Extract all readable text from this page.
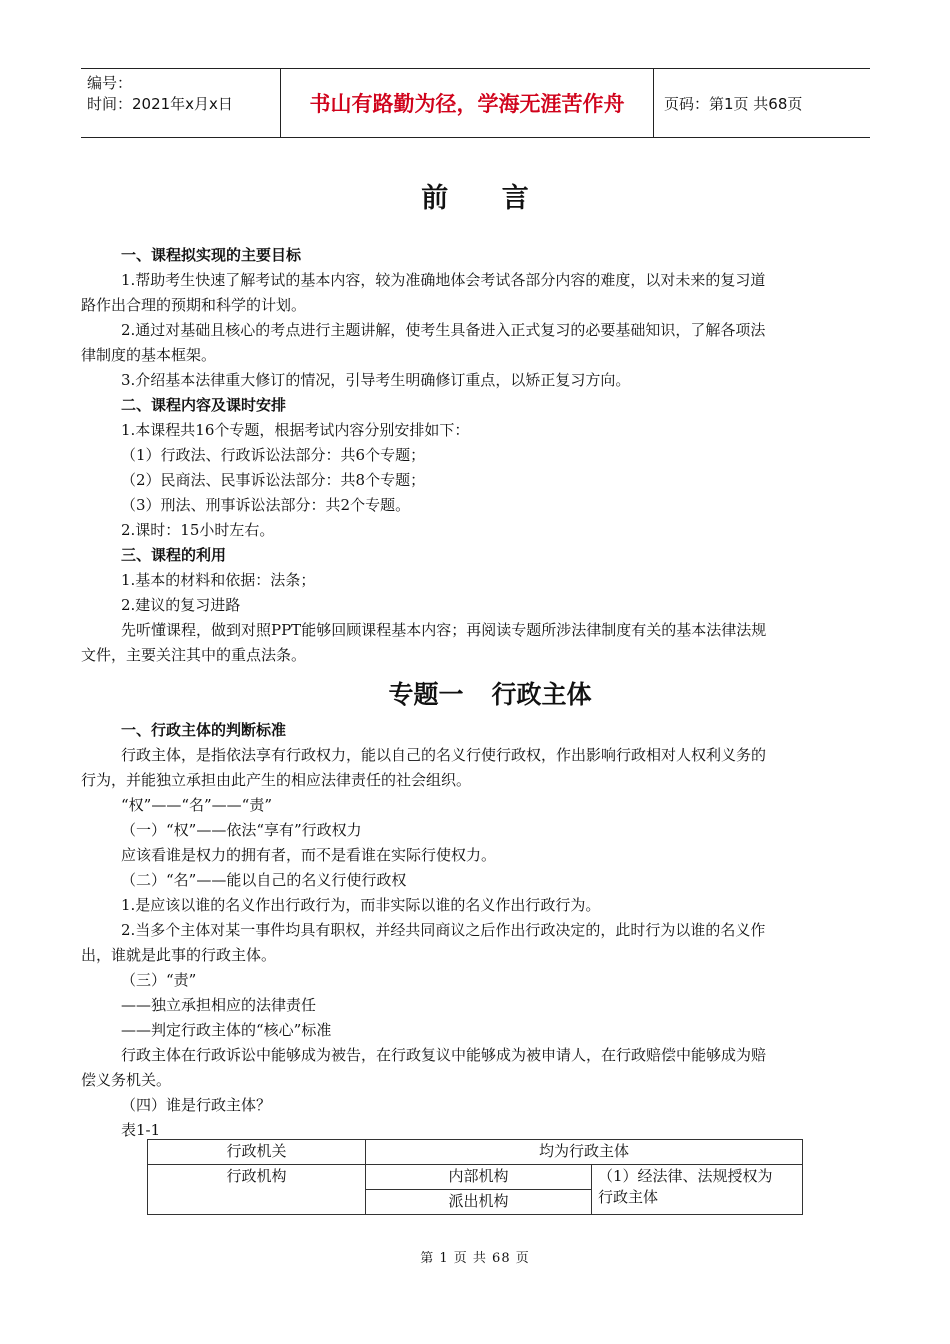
编号：
时间：2021年x月x日	书山有路勤为径，学海无涯苦作舟	页码：第1页 共68页
前 言

一、课程拟实现的主要目标

1.帮助考生快速了解考试的基本内容，较为准确地体会考试各部分内容的难度，以对未来的复习道

路作出合理的预期和科学的计划。

2.通过对基础且核心的考点进行主题讲解，使考生具备进入正式复习的必要基础知识，了解各项法

律制度的基本框架。

3.介绍基本法律重大修订的情况，引导考生明确修订重点，以矫正复习方向。

二、课程内容及课时安排

1.本课程共16个专题，根据考试内容分别安排如下：

（1）行政法、行政诉讼法部分：共6个专题；

（2）民商法、民事诉讼法部分：共8个专题；

（3）刑法、刑事诉讼法部分：共2个专题。

2.课时：15小时左右。

三、课程的利用

1.基本的材料和依据：法条；

2.建议的复习进路

先听懂课程，做到对照PPT能够回顾课程基本内容；再阅读专题所涉法律制度有关的基本法律法规

文件，主要关注其中的重点法条。

专题一 行政主体

一、行政主体的判断标准

行政主体，是指依法享有行政权力，能以自己的名义行使行政权，作出影响行政相对人权利义务的

行为，并能独立承担由此产生的相应法律责任的社会组织。

“权”——“名”——“责”

（一）“权”——依法“享有”行政权力

应该看谁是权力的拥有者，而不是看谁在实际行使权力。

（二）“名”——能以自己的名义行使行政权

1.是应该以谁的名义作出行政行为，而非实际以谁的名义作出行政行为。

2.当多个主体对某一事件均具有职权，并经共同商议之后作出行政决定的，此时行为以谁的名义作

出，谁就是此事的行政主体。

（三）“责”

——独立承担相应的法律责任

——判定行政主体的“核心”标准

行政主体在行政诉讼中能够成为被告，在行政复议中能够成为被申请人，在行政赔偿中能够成为赔

偿义务机关。

（四）谁是行政主体？

表1-1

行政机关	均为行政主体	
行政机构	内部机构	（1）经法律、法规授权为
行政主体

	派出机构	
第 1 页 共 68 页
